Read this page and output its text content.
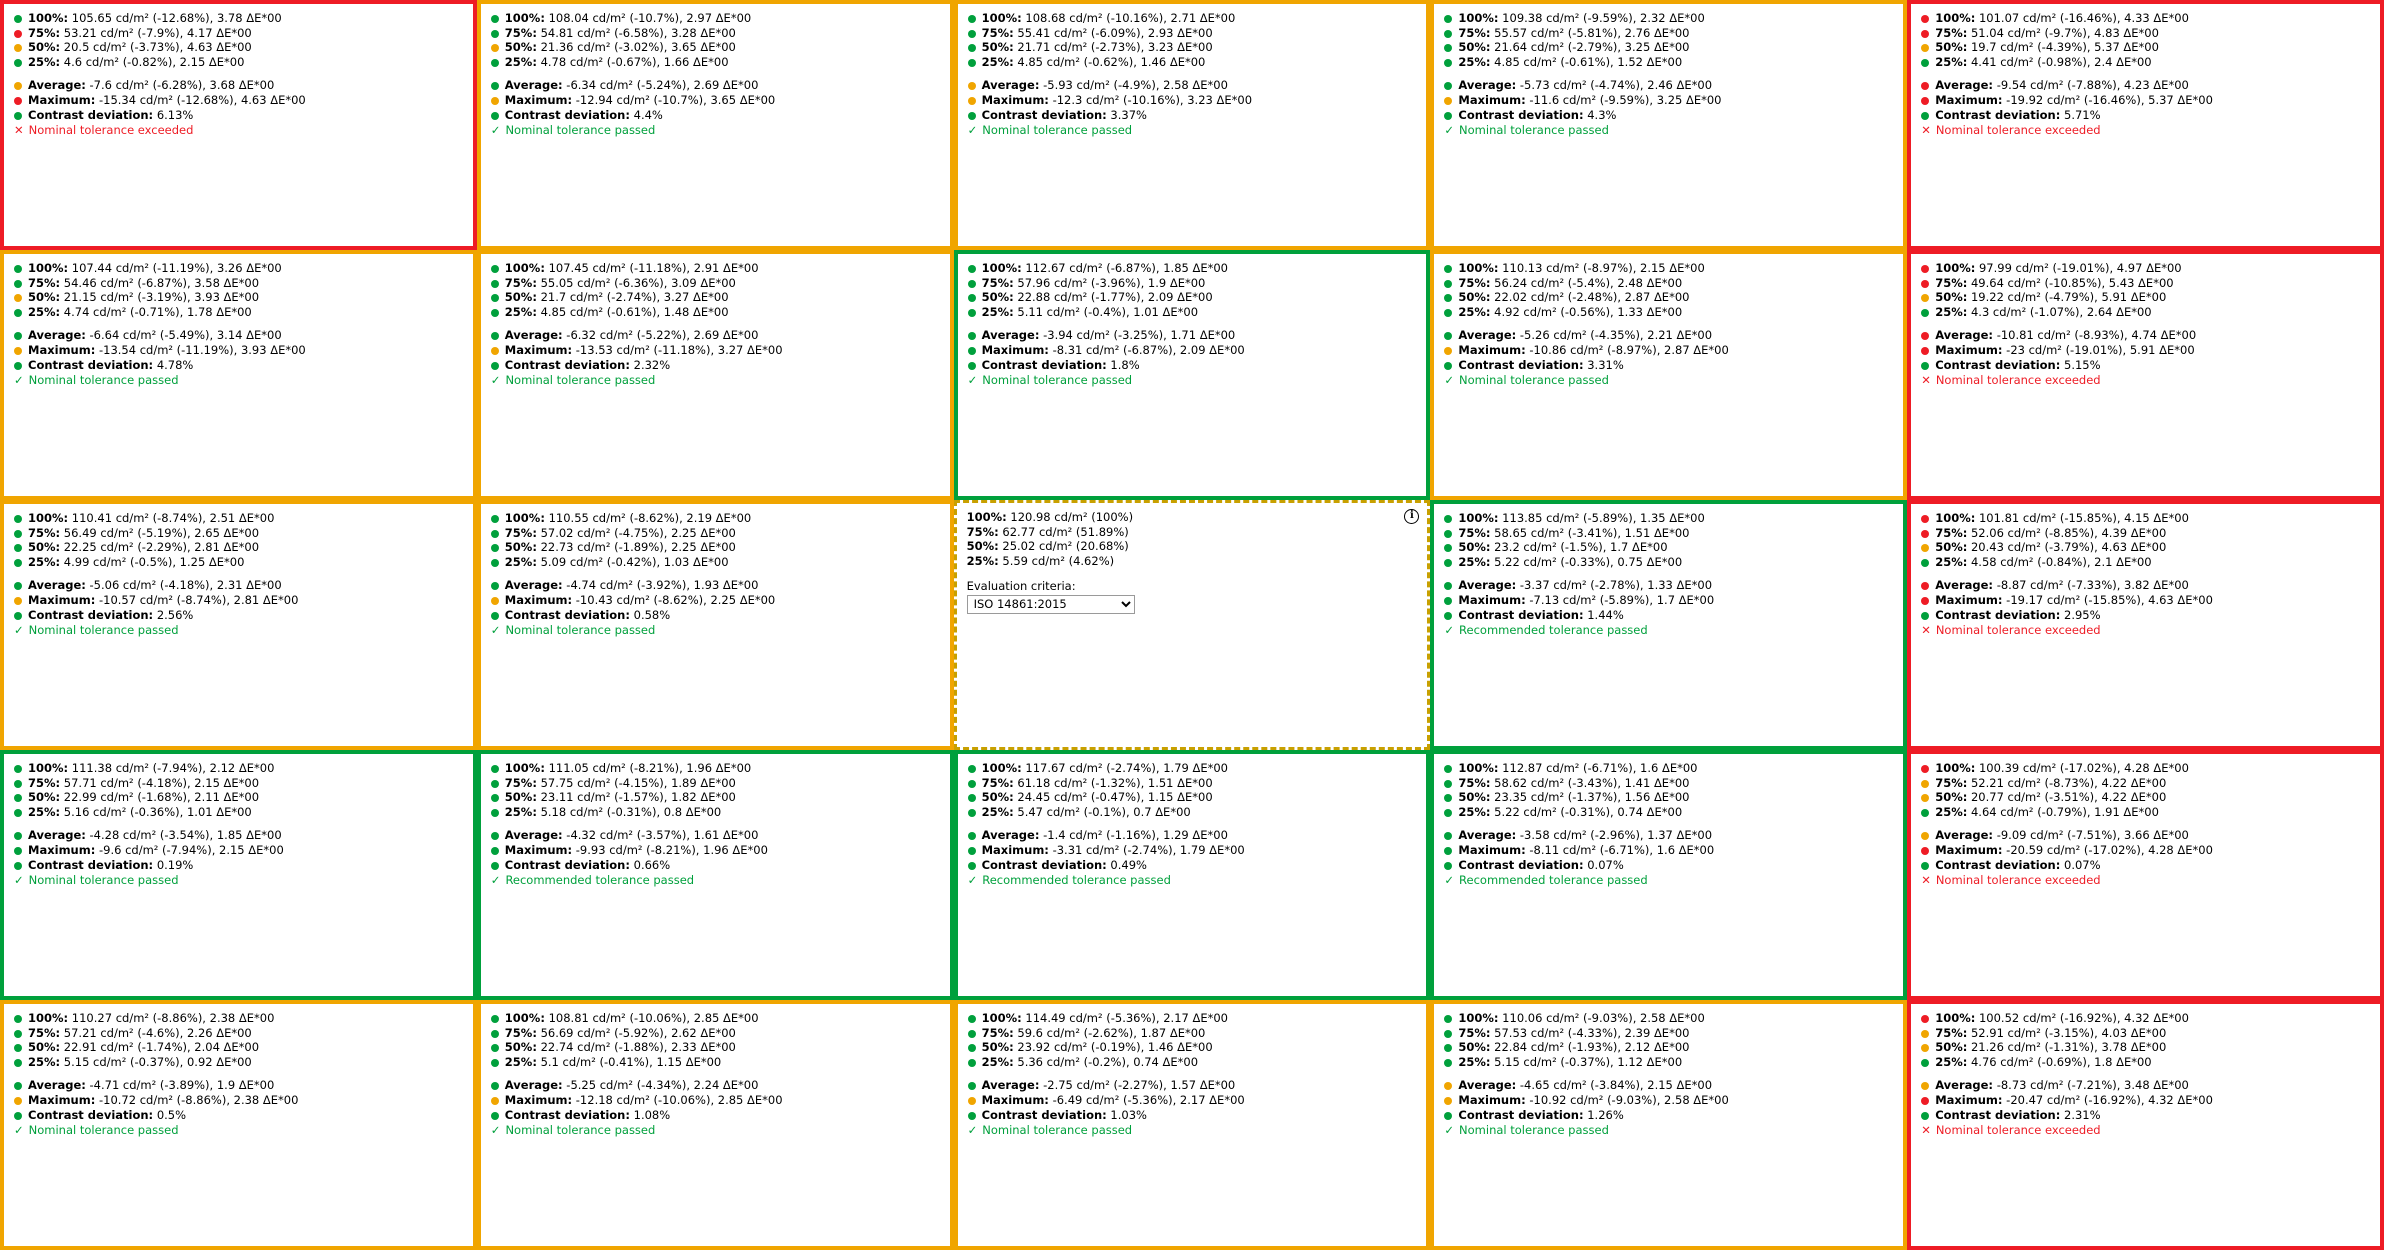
100%: 105.65 cd/m² (-12.68%), 3.78 ΔE*00
75%: 53.21 cd/m² (-7.9%), 4.17 ΔE*00
50%: 20.5 cd/m² (-3.73%), 4.63 ΔE*00
25%: 4.6 cd/m² (-0.82%), 2.15 ΔE*00
Average: -7.6 cd/m² (-6.28%), 3.68 ΔE*00
Maximum: -15.34 cd/m² (-12.68%), 4.63 ΔE*00
Contrast deviation: 6.13%
✕ Nominal tolerance exceeded
100%: 108.04 cd/m² (-10.7%), 2.97 ΔE*00
75%: 54.81 cd/m² (-6.58%), 3.28 ΔE*00
50%: 21.36 cd/m² (-3.02%), 3.65 ΔE*00
25%: 4.78 cd/m² (-0.67%), 1.66 ΔE*00
Average: -6.34 cd/m² (-5.24%), 2.69 ΔE*00
Maximum: -12.94 cd/m² (-10.7%), 3.65 ΔE*00
Contrast deviation: 4.4%
✓ Nominal tolerance passed
100%: 108.68 cd/m² (-10.16%), 2.71 ΔE*00
75%: 55.41 cd/m² (-6.09%), 2.93 ΔE*00
50%: 21.71 cd/m² (-2.73%), 3.23 ΔE*00
25%: 4.85 cd/m² (-0.62%), 1.46 ΔE*00
Average: -5.93 cd/m² (-4.9%), 2.58 ΔE*00
Maximum: -12.3 cd/m² (-10.16%), 3.23 ΔE*00
Contrast deviation: 3.37%
✓ Nominal tolerance passed
100%: 109.38 cd/m² (-9.59%), 2.32 ΔE*00
75%: 55.57 cd/m² (-5.81%), 2.76 ΔE*00
50%: 21.64 cd/m² (-2.79%), 3.25 ΔE*00
25%: 4.85 cd/m² (-0.61%), 1.52 ΔE*00
Average: -5.73 cd/m² (-4.74%), 2.46 ΔE*00
Maximum: -11.6 cd/m² (-9.59%), 3.25 ΔE*00
Contrast deviation: 4.3%
✓ Nominal tolerance passed
100%: 101.07 cd/m² (-16.46%), 4.33 ΔE*00
75%: 51.04 cd/m² (-9.7%), 4.83 ΔE*00
50%: 19.7 cd/m² (-4.39%), 5.37 ΔE*00
25%: 4.41 cd/m² (-0.98%), 2.4 ΔE*00
Average: -9.54 cd/m² (-7.88%), 4.23 ΔE*00
Maximum: -19.92 cd/m² (-16.46%), 5.37 ΔE*00
Contrast deviation: 5.71%
✕ Nominal tolerance exceeded
100%: 107.44 cd/m² (-11.19%), 3.26 ΔE*00
75%: 54.46 cd/m² (-6.87%), 3.58 ΔE*00
50%: 21.15 cd/m² (-3.19%), 3.93 ΔE*00
25%: 4.74 cd/m² (-0.71%), 1.78 ΔE*00
Average: -6.64 cd/m² (-5.49%), 3.14 ΔE*00
Maximum: -13.54 cd/m² (-11.19%), 3.93 ΔE*00
Contrast deviation: 4.78%
✓ Nominal tolerance passed
100%: 107.45 cd/m² (-11.18%), 2.91 ΔE*00
75%: 55.05 cd/m² (-6.36%), 3.09 ΔE*00
50%: 21.7 cd/m² (-2.74%), 3.27 ΔE*00
25%: 4.85 cd/m² (-0.61%), 1.48 ΔE*00
Average: -6.32 cd/m² (-5.22%), 2.69 ΔE*00
Maximum: -13.53 cd/m² (-11.18%), 3.27 ΔE*00
Contrast deviation: 2.32%
✓ Nominal tolerance passed
100%: 112.67 cd/m² (-6.87%), 1.85 ΔE*00
75%: 57.96 cd/m² (-3.96%), 1.9 ΔE*00
50%: 22.88 cd/m² (-1.77%), 2.09 ΔE*00
25%: 5.11 cd/m² (-0.4%), 1.01 ΔE*00
Average: -3.94 cd/m² (-3.25%), 1.71 ΔE*00
Maximum: -8.31 cd/m² (-6.87%), 2.09 ΔE*00
Contrast deviation: 1.8%
✓ Nominal tolerance passed
100%: 110.13 cd/m² (-8.97%), 2.15 ΔE*00
75%: 56.24 cd/m² (-5.4%), 2.48 ΔE*00
50%: 22.02 cd/m² (-2.48%), 2.87 ΔE*00
25%: 4.92 cd/m² (-0.56%), 1.33 ΔE*00
Average: -5.26 cd/m² (-4.35%), 2.21 ΔE*00
Maximum: -10.86 cd/m² (-8.97%), 2.87 ΔE*00
Contrast deviation: 3.31%
✓ Nominal tolerance passed
100%: 97.99 cd/m² (-19.01%), 4.97 ΔE*00
75%: 49.64 cd/m² (-10.85%), 5.43 ΔE*00
50%: 19.22 cd/m² (-4.79%), 5.91 ΔE*00
25%: 4.3 cd/m² (-1.07%), 2.64 ΔE*00
Average: -10.81 cd/m² (-8.93%), 4.74 ΔE*00
Maximum: -23 cd/m² (-19.01%), 5.91 ΔE*00
Contrast deviation: 5.15%
✕ Nominal tolerance exceeded
100%: 110.41 cd/m² (-8.74%), 2.51 ΔE*00
75%: 56.49 cd/m² (-5.19%), 2.65 ΔE*00
50%: 22.25 cd/m² (-2.29%), 2.81 ΔE*00
25%: 4.99 cd/m² (-0.5%), 1.25 ΔE*00
Average: -5.06 cd/m² (-4.18%), 2.31 ΔE*00
Maximum: -10.57 cd/m² (-8.74%), 2.81 ΔE*00
Contrast deviation: 2.56%
✓ Nominal tolerance passed
100%: 110.55 cd/m² (-8.62%), 2.19 ΔE*00
75%: 57.02 cd/m² (-4.75%), 2.25 ΔE*00
50%: 22.73 cd/m² (-1.89%), 2.25 ΔE*00
25%: 5.09 cd/m² (-0.42%), 1.03 ΔE*00
Average: -4.74 cd/m² (-3.92%), 1.93 ΔE*00
Maximum: -10.43 cd/m² (-8.62%), 2.25 ΔE*00
Contrast deviation: 0.58%
✓ Nominal tolerance passed
i
100%: 120.98 cd/m² (100%)
75%: 62.77 cd/m² (51.89%)
50%: 25.02 cd/m² (20.68%)
25%: 5.59 cd/m² (4.62%)
Evaluation criteria:
ISO 14861:2015
100%: 113.85 cd/m² (-5.89%), 1.35 ΔE*00
75%: 58.65 cd/m² (-3.41%), 1.51 ΔE*00
50%: 23.2 cd/m² (-1.5%), 1.7 ΔE*00
25%: 5.22 cd/m² (-0.33%), 0.75 ΔE*00
Average: -3.37 cd/m² (-2.78%), 1.33 ΔE*00
Maximum: -7.13 cd/m² (-5.89%), 1.7 ΔE*00
Contrast deviation: 1.44%
✓ Recommended tolerance passed
100%: 101.81 cd/m² (-15.85%), 4.15 ΔE*00
75%: 52.06 cd/m² (-8.85%), 4.39 ΔE*00
50%: 20.43 cd/m² (-3.79%), 4.63 ΔE*00
25%: 4.58 cd/m² (-0.84%), 2.1 ΔE*00
Average: -8.87 cd/m² (-7.33%), 3.82 ΔE*00
Maximum: -19.17 cd/m² (-15.85%), 4.63 ΔE*00
Contrast deviation: 2.95%
✕ Nominal tolerance exceeded
100%: 111.38 cd/m² (-7.94%), 2.12 ΔE*00
75%: 57.71 cd/m² (-4.18%), 2.15 ΔE*00
50%: 22.99 cd/m² (-1.68%), 2.11 ΔE*00
25%: 5.16 cd/m² (-0.36%), 1.01 ΔE*00
Average: -4.28 cd/m² (-3.54%), 1.85 ΔE*00
Maximum: -9.6 cd/m² (-7.94%), 2.15 ΔE*00
Contrast deviation: 0.19%
✓ Nominal tolerance passed
100%: 111.05 cd/m² (-8.21%), 1.96 ΔE*00
75%: 57.75 cd/m² (-4.15%), 1.89 ΔE*00
50%: 23.11 cd/m² (-1.57%), 1.82 ΔE*00
25%: 5.18 cd/m² (-0.31%), 0.8 ΔE*00
Average: -4.32 cd/m² (-3.57%), 1.61 ΔE*00
Maximum: -9.93 cd/m² (-8.21%), 1.96 ΔE*00
Contrast deviation: 0.66%
✓ Recommended tolerance passed
100%: 117.67 cd/m² (-2.74%), 1.79 ΔE*00
75%: 61.18 cd/m² (-1.32%), 1.51 ΔE*00
50%: 24.45 cd/m² (-0.47%), 1.15 ΔE*00
25%: 5.47 cd/m² (-0.1%), 0.7 ΔE*00
Average: -1.4 cd/m² (-1.16%), 1.29 ΔE*00
Maximum: -3.31 cd/m² (-2.74%), 1.79 ΔE*00
Contrast deviation: 0.49%
✓ Recommended tolerance passed
100%: 112.87 cd/m² (-6.71%), 1.6 ΔE*00
75%: 58.62 cd/m² (-3.43%), 1.41 ΔE*00
50%: 23.35 cd/m² (-1.37%), 1.56 ΔE*00
25%: 5.22 cd/m² (-0.31%), 0.74 ΔE*00
Average: -3.58 cd/m² (-2.96%), 1.37 ΔE*00
Maximum: -8.11 cd/m² (-6.71%), 1.6 ΔE*00
Contrast deviation: 0.07%
✓ Recommended tolerance passed
100%: 100.39 cd/m² (-17.02%), 4.28 ΔE*00
75%: 52.21 cd/m² (-8.73%), 4.22 ΔE*00
50%: 20.77 cd/m² (-3.51%), 4.22 ΔE*00
25%: 4.64 cd/m² (-0.79%), 1.91 ΔE*00
Average: -9.09 cd/m² (-7.51%), 3.66 ΔE*00
Maximum: -20.59 cd/m² (-17.02%), 4.28 ΔE*00
Contrast deviation: 0.07%
✕ Nominal tolerance exceeded
100%: 110.27 cd/m² (-8.86%), 2.38 ΔE*00
75%: 57.21 cd/m² (-4.6%), 2.26 ΔE*00
50%: 22.91 cd/m² (-1.74%), 2.04 ΔE*00
25%: 5.15 cd/m² (-0.37%), 0.92 ΔE*00
Average: -4.71 cd/m² (-3.89%), 1.9 ΔE*00
Maximum: -10.72 cd/m² (-8.86%), 2.38 ΔE*00
Contrast deviation: 0.5%
✓ Nominal tolerance passed
100%: 108.81 cd/m² (-10.06%), 2.85 ΔE*00
75%: 56.69 cd/m² (-5.92%), 2.62 ΔE*00
50%: 22.74 cd/m² (-1.88%), 2.33 ΔE*00
25%: 5.1 cd/m² (-0.41%), 1.15 ΔE*00
Average: -5.25 cd/m² (-4.34%), 2.24 ΔE*00
Maximum: -12.18 cd/m² (-10.06%), 2.85 ΔE*00
Contrast deviation: 1.08%
✓ Nominal tolerance passed
100%: 114.49 cd/m² (-5.36%), 2.17 ΔE*00
75%: 59.6 cd/m² (-2.62%), 1.87 ΔE*00
50%: 23.92 cd/m² (-0.19%), 1.46 ΔE*00
25%: 5.36 cd/m² (-0.2%), 0.74 ΔE*00
Average: -2.75 cd/m² (-2.27%), 1.57 ΔE*00
Maximum: -6.49 cd/m² (-5.36%), 2.17 ΔE*00
Contrast deviation: 1.03%
✓ Nominal tolerance passed
100%: 110.06 cd/m² (-9.03%), 2.58 ΔE*00
75%: 57.53 cd/m² (-4.33%), 2.39 ΔE*00
50%: 22.84 cd/m² (-1.93%), 2.12 ΔE*00
25%: 5.15 cd/m² (-0.37%), 1.12 ΔE*00
Average: -4.65 cd/m² (-3.84%), 2.15 ΔE*00
Maximum: -10.92 cd/m² (-9.03%), 2.58 ΔE*00
Contrast deviation: 1.26%
✓ Nominal tolerance passed
100%: 100.52 cd/m² (-16.92%), 4.32 ΔE*00
75%: 52.91 cd/m² (-3.15%), 4.03 ΔE*00
50%: 21.26 cd/m² (-1.31%), 3.78 ΔE*00
25%: 4.76 cd/m² (-0.69%), 1.8 ΔE*00
Average: -8.73 cd/m² (-7.21%), 3.48 ΔE*00
Maximum: -20.47 cd/m² (-16.92%), 4.32 ΔE*00
Contrast deviation: 2.31%
✕ Nominal tolerance exceeded
